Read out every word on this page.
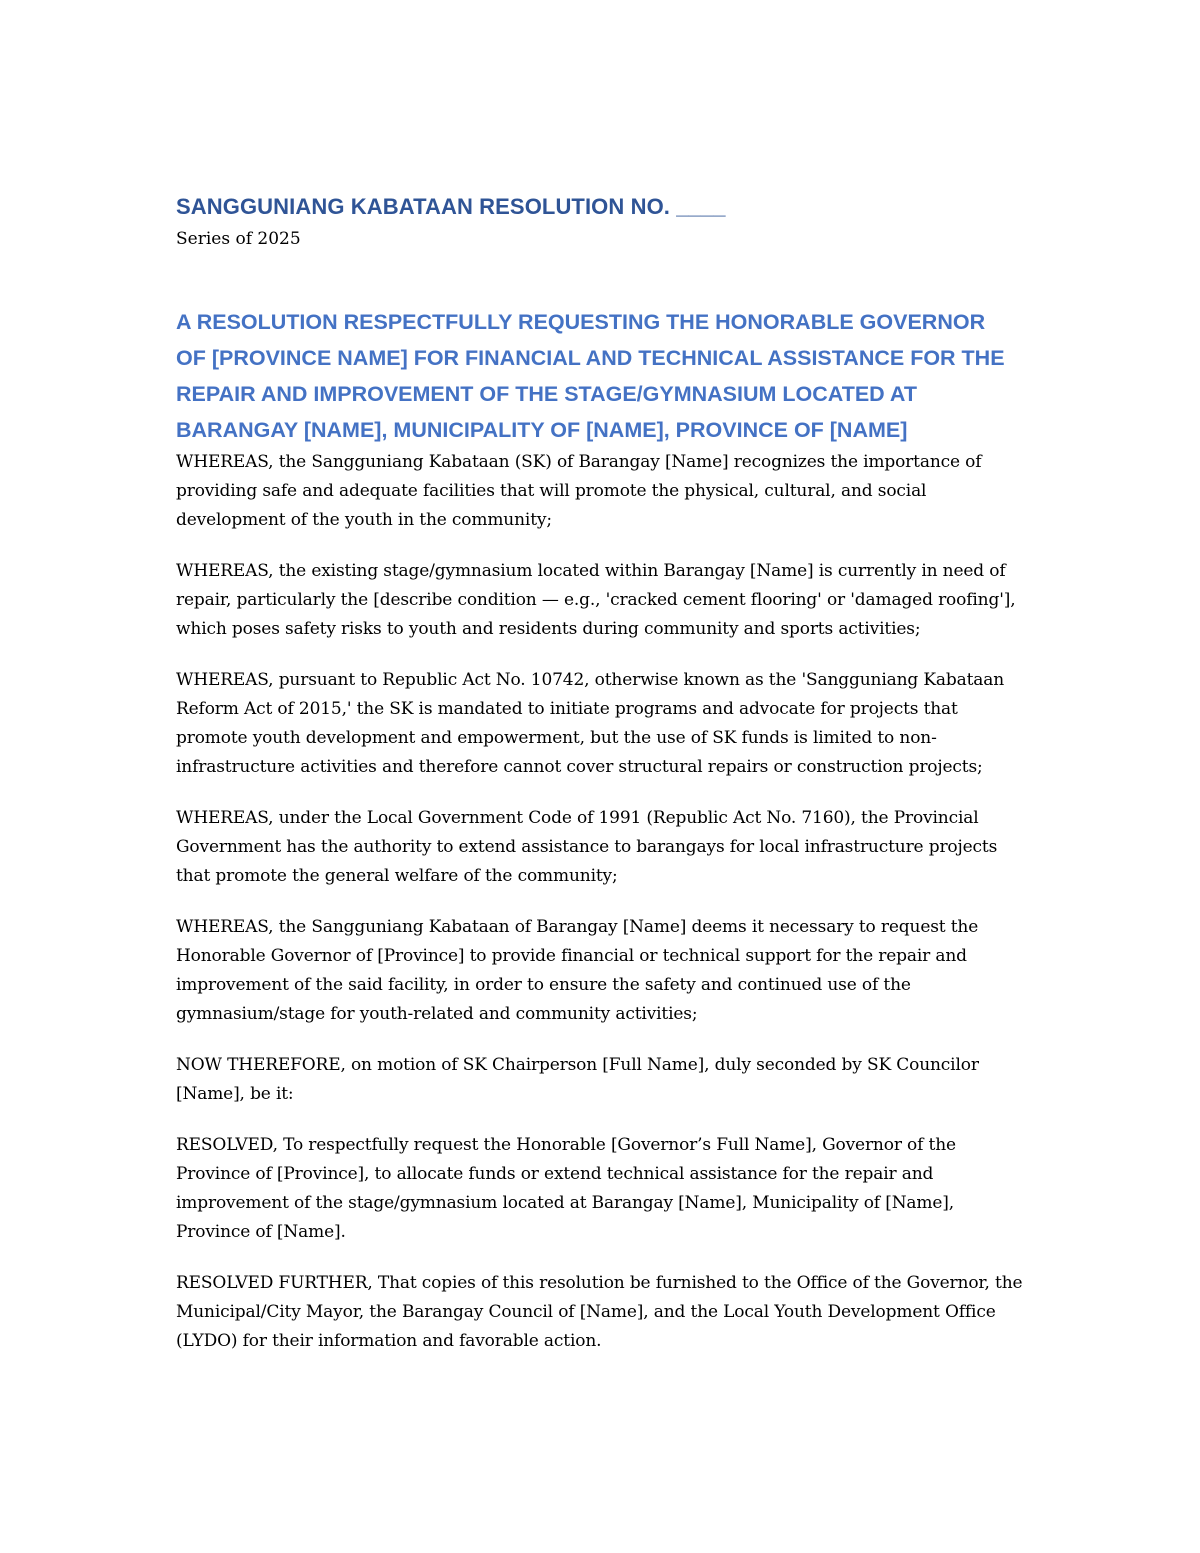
SANGGUNIANG KABATAAN RESOLUTION NO. ____

Series of 2025

A RESOLUTION RESPECTFULLY REQUESTING THE HONORABLE GOVERNOR OF [PROVINCE NAME] FOR FINANCIAL AND TECHNICAL ASSISTANCE FOR THE REPAIR AND IMPROVEMENT OF THE STAGE/GYMNASIUM LOCATED AT BARANGAY [NAME], MUNICIPALITY OF [NAME], PROVINCE OF [NAME]

WHEREAS, the Sangguniang Kabataan (SK) of Barangay [Name] recognizes the importance of providing safe and adequate facilities that will promote the physical, cultural, and social development of the youth in the community;

WHEREAS, the existing stage/gymnasium located within Barangay [Name] is currently in need of repair, particularly the [describe condition — e.g., 'cracked cement flooring' or 'damaged roofing'], which poses safety risks to youth and residents during community and sports activities;

WHEREAS, pursuant to Republic Act No. 10742, otherwise known as the 'Sangguniang Kabataan Reform Act of 2015,' the SK is mandated to initiate programs and advocate for projects that promote youth development and empowerment, but the use of SK funds is limited to non-infrastructure activities and therefore cannot cover structural repairs or construction projects;

WHEREAS, under the Local Government Code of 1991 (Republic Act No. 7160), the Provincial Government has the authority to extend assistance to barangays for local infrastructure projects that promote the general welfare of the community;

WHEREAS, the Sangguniang Kabataan of Barangay [Name] deems it necessary to request the Honorable Governor of [Province] to provide financial or technical support for the repair and improvement of the said facility, in order to ensure the safety and continued use of the gymnasium/stage for youth-related and community activities;

NOW THEREFORE, on motion of SK Chairperson [Full Name], duly seconded by SK Councilor [Name], be it:

RESOLVED, To respectfully request the Honorable [Governor’s Full Name], Governor of the Province of [Province], to allocate funds or extend technical assistance for the repair and improvement of the stage/gymnasium located at Barangay [Name], Municipality of [Name], Province of [Name].

RESOLVED FURTHER, That copies of this resolution be furnished to the Office of the Governor, the Municipal/City Mayor, the Barangay Council of [Name], and the Local Youth Development Office (LYDO) for their information and favorable action.
